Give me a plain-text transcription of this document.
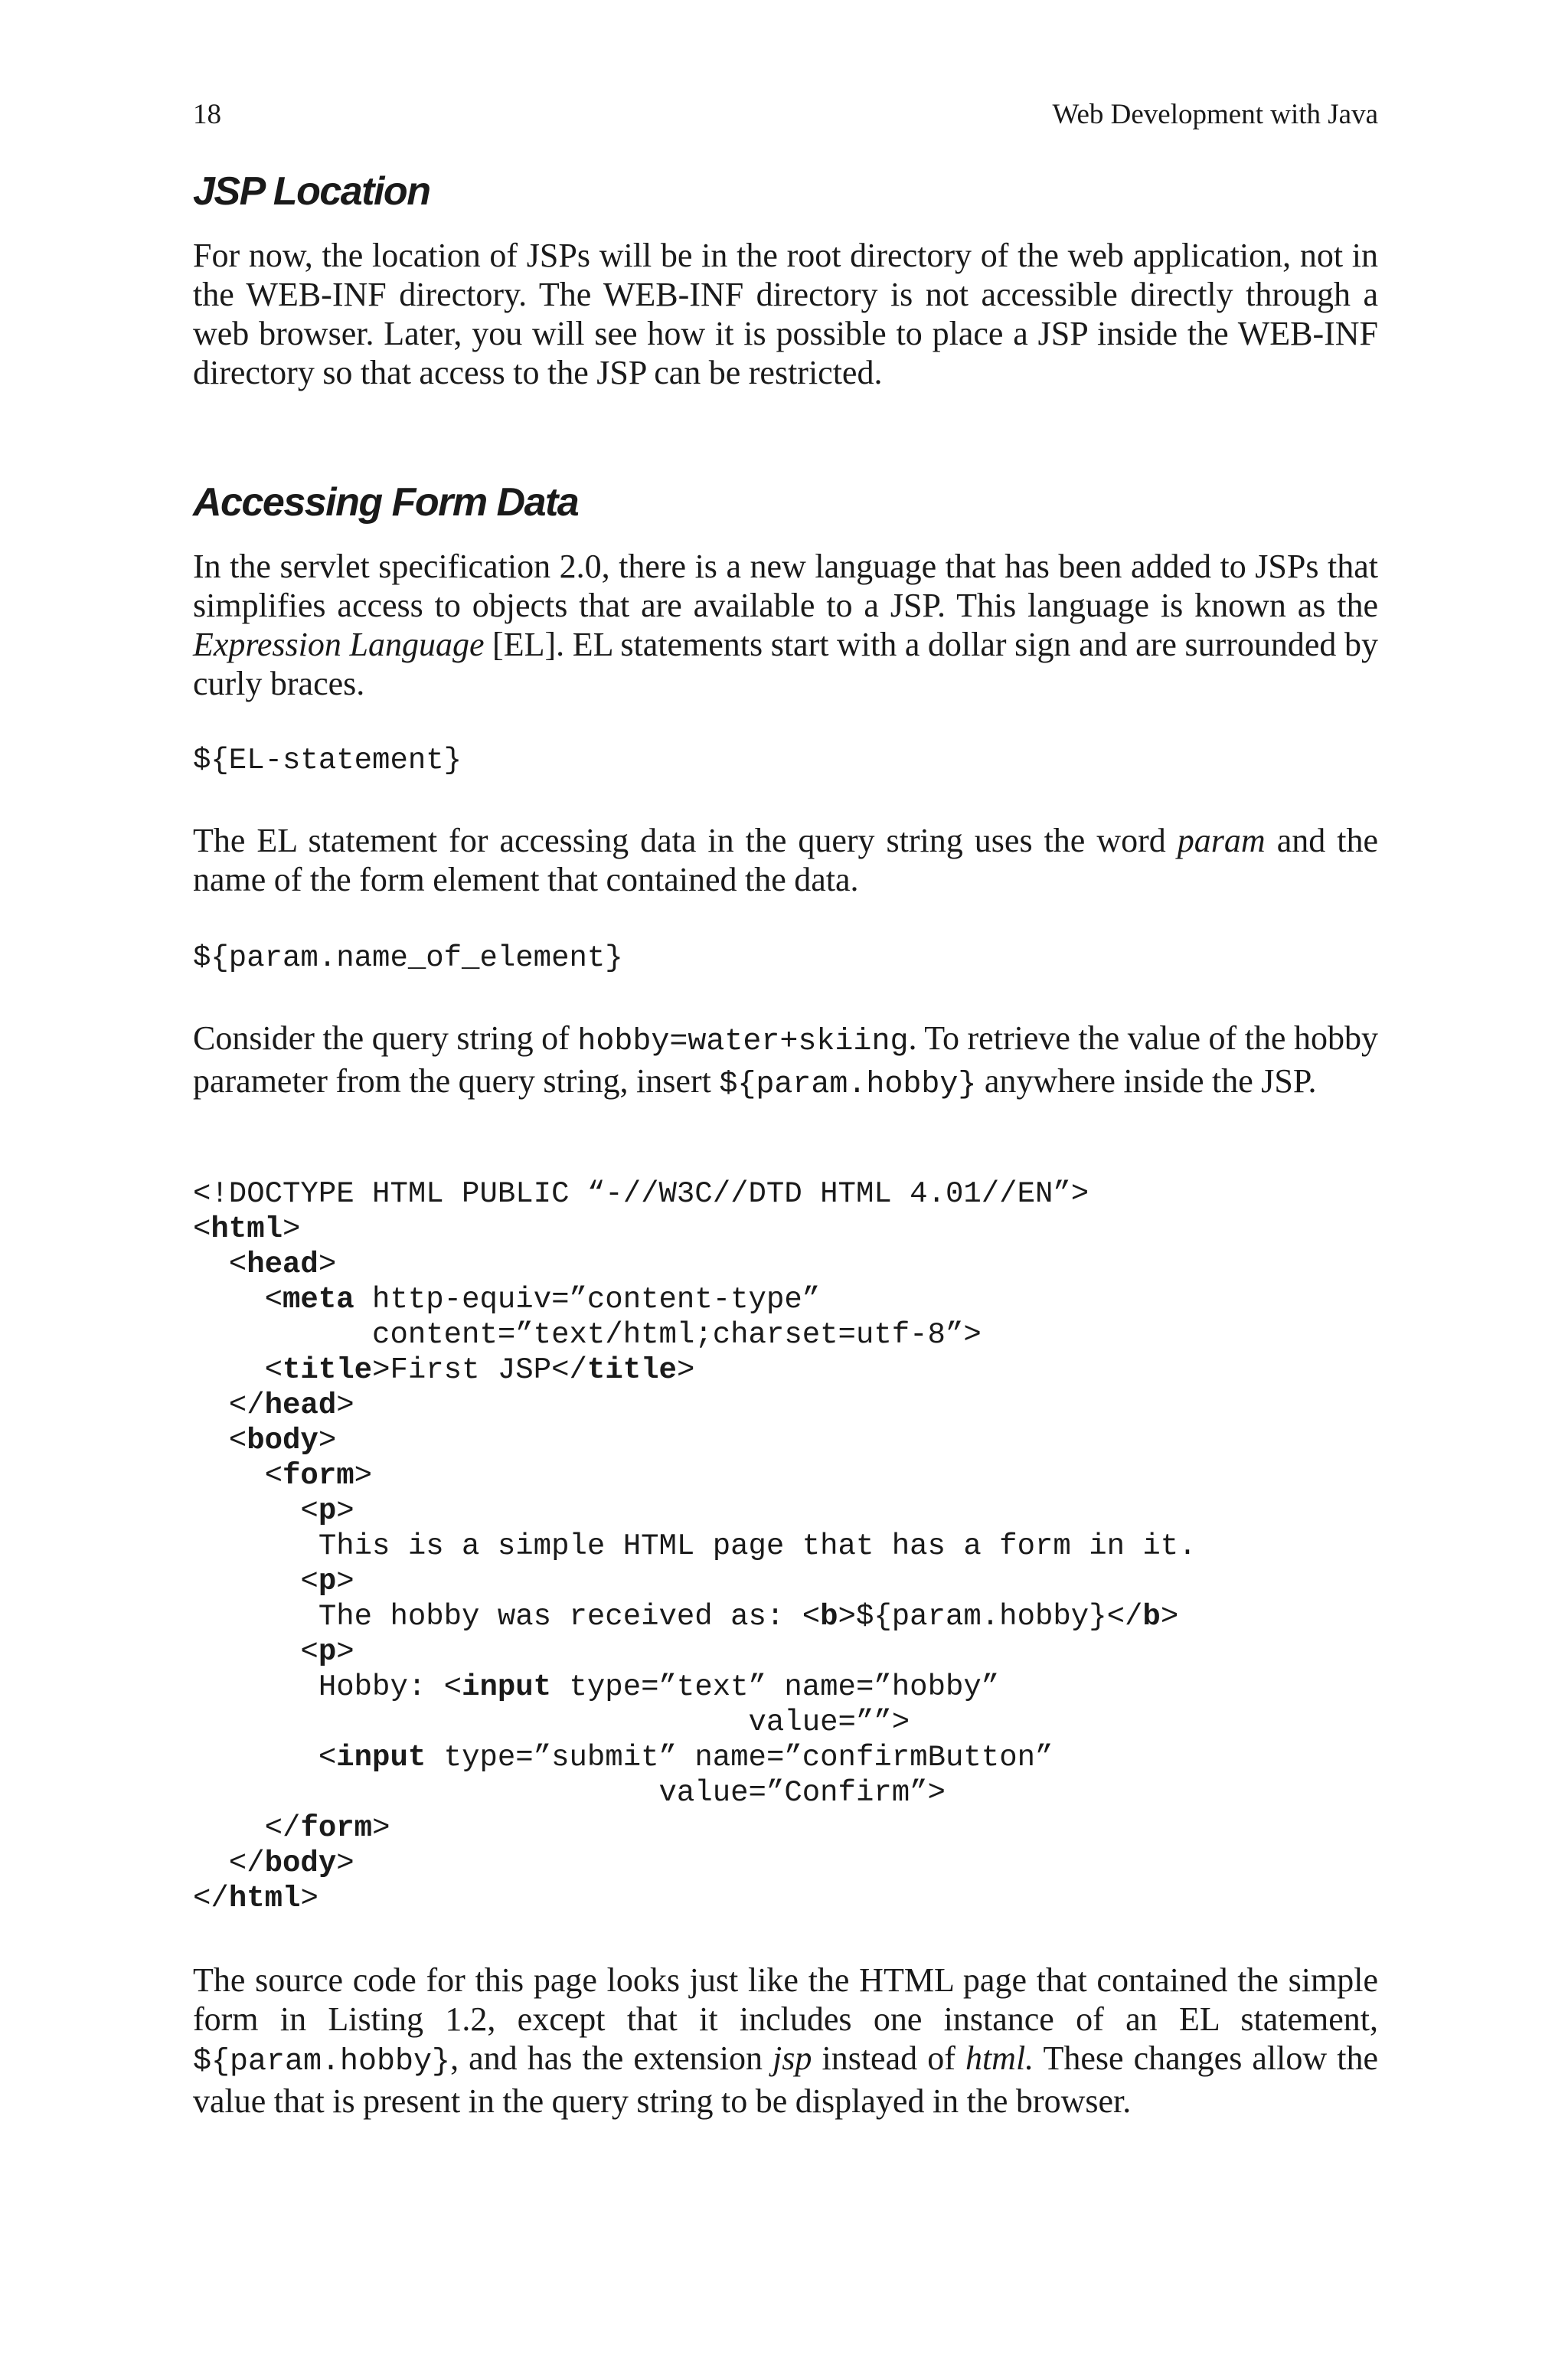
18	Web Development with Java
JSP Location

For now, the location of JSPs will be in the root directory of the web application, not in the WEB-INF directory. The WEB-INF directory is not accessible directly through a web browser. Later, you will see how it is possible to place a JSP inside the WEB-INF directory so that access to the JSP can be restricted.

Accessing Form Data

In the servlet specification 2.0, there is a new language that has been added to JSPs that simplifies access to objects that are available to a JSP. This language is known as the Expression Language [EL]. EL statements start with a dollar sign and are surrounded by curly braces.

${EL-statement}

The EL statement for accessing data in the query string uses the word param and the name of the form element that contained the data.

${param.name_of_element}

Consider the query string of hobby=water+skiing. To retrieve the value of the hobby parameter from the query string, insert ${param.hobby} anywhere inside the JSP.

<!DOCTYPE HTML PUBLIC “-//W3C//DTD HTML 4.01//EN”>
<html>
<head>
<meta http-equiv=”content-type”
content=”text/html;charset=utf-8”>
<title>First JSP</title>
</head>
<body>
<form>
<p>
This is a simple HTML page that has a form in it.
<p>
The hobby was received as: <b>${param.hobby}</b>
<p>
Hobby: <input type=”text” name=”hobby”
value=””>
<input type=”submit” name=”confirmButton”
value=”Confirm”>
</form>
</body>
</html>

The source code for this page looks just like the HTML page that contained the simple form in Listing 1.2, except that it includes one instance of an EL statement, ${param.hobby}, and has the extension jsp instead of html. These changes allow the value that is present in the query string to be displayed in the browser.
